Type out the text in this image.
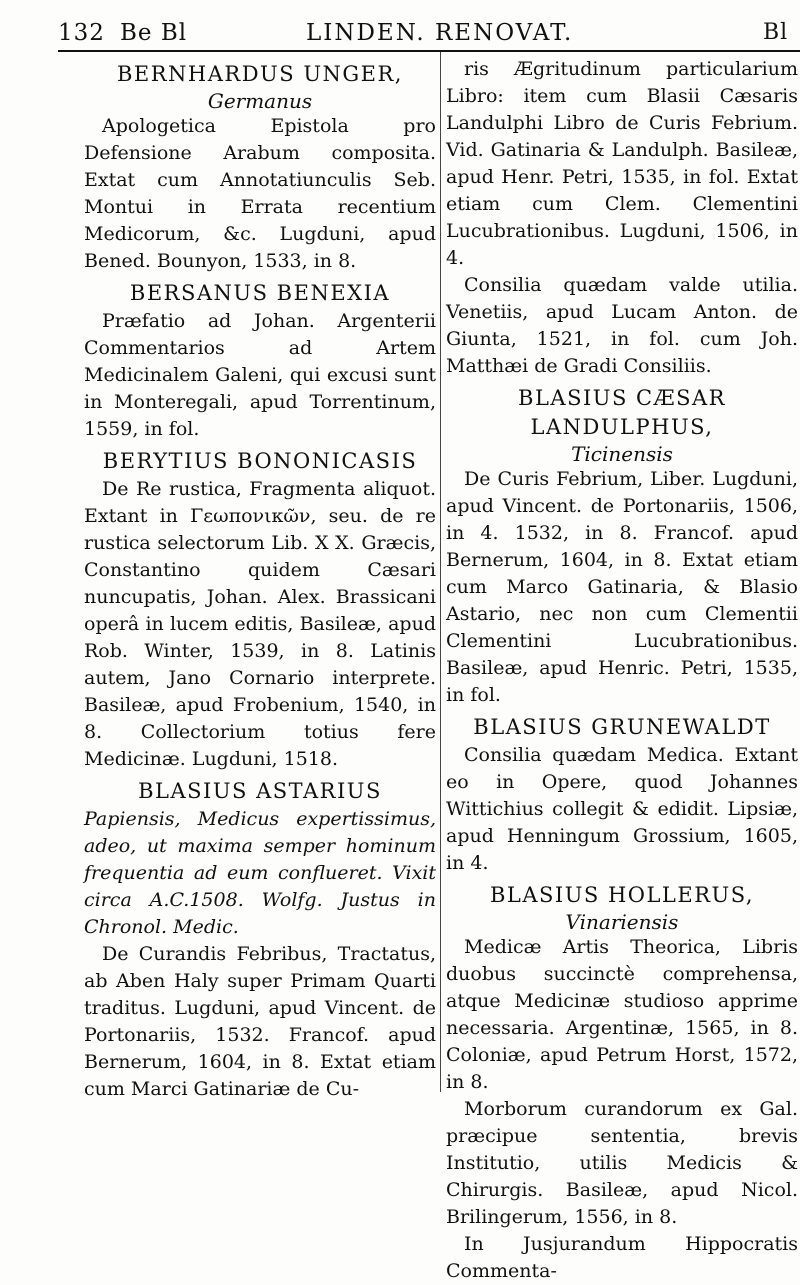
132 Be Bl	LINDEN. RENOVAT.	Bl
BERNHARDUS UNGER,
Germanus

Apologetica Epistola pro Defensione Arabum composita. Extat cum Annotatiunculis Seb. Montui in Errata recentium Medicorum, &c. Lugduni, apud Bened. Bounyon, 1533, in 8.

BERSANUS BENEXIA

Præfatio ad Johan. Argenterii Commentarios ad Artem Medicinalem Galeni, qui excusi sunt in Monteregali, apud Torrentinum, 1559, in fol.

BERYTIUS BONONICASIS

De Re rustica, Fragmenta aliquot. Extant in Γεωπονικῶν, seu. de re rustica selectorum Lib. X X. Græcis, Constantino quidem Cæsari nuncupatis, Johan. Alex. Brassicani operâ in lucem editis, Basileæ, apud Rob. Winter, 1539, in 8. Latinis autem, Jano Cornario interprete. Basileæ, apud Frobenium, 1540, in 8. Collectorium totius fere Medicinæ. Lugduni, 1518.

BLASIUS ASTARIUS

Papiensis, Medicus expertissimus, adeo, ut maxima semper hominum frequentia ad eum conflueret. Vixit circa A.C.1508. Wolfg. Justus in Chronol. Medic.

De Curandis Febribus, Tractatus, ab Aben Haly super Primam Quarti traditus. Lugduni, apud Vincent. de Portonariis, 1532. Francof. apud Bernerum, 1604, in 8. Extat etiam cum Marci Gatinariæ de Cu-

ris Ægritudinum particularium Libro: item cum Blasii Cæsaris Landulphi Libro de Curis Febrium. Vid. Gatinaria & Landulph. Basileæ, apud Henr. Petri, 1535, in fol. Extat etiam cum Clem. Clementini Lucubrationibus. Lugduni, 1506, in 4.

Consilia quædam valde utilia. Venetiis, apud Lucam Anton. de Giunta, 1521, in fol. cum Joh. Matthæi de Gradi Consiliis.

BLASIUS CÆSAR LANDULPHUS,
Ticinensis

De Curis Febrium, Liber. Lugduni, apud Vincent. de Portonariis, 1506, in 4. 1532, in 8. Francof. apud Bernerum, 1604, in 8. Extat etiam cum Marco Gatinaria, & Blasio Astario, nec non cum Clementii Clementini Lucubrationibus. Basileæ, apud Henric. Petri, 1535, in fol.

BLASIUS GRUNEWALDT

Consilia quædam Medica. Extant eo in Opere, quod Johannes Wittichius collegit & edidit. Lipsiæ, apud Henningum Grossium, 1605, in 4.

BLASIUS HOLLERUS,
Vinariensis

Medicæ Artis Theorica, Libris duobus succinctè comprehensa, atque Medicinæ studioso apprime necessaria. Argentinæ, 1565, in 8. Coloniæ, apud Petrum Horst, 1572, in 8.

Morborum curandorum ex Gal. præcipue sententia, brevis Institutio, utilis Medicis & Chirurgis. Basileæ, apud Nicol. Brilingerum, 1556, in 8.

In Jusjurandum Hippocratis Commenta-
